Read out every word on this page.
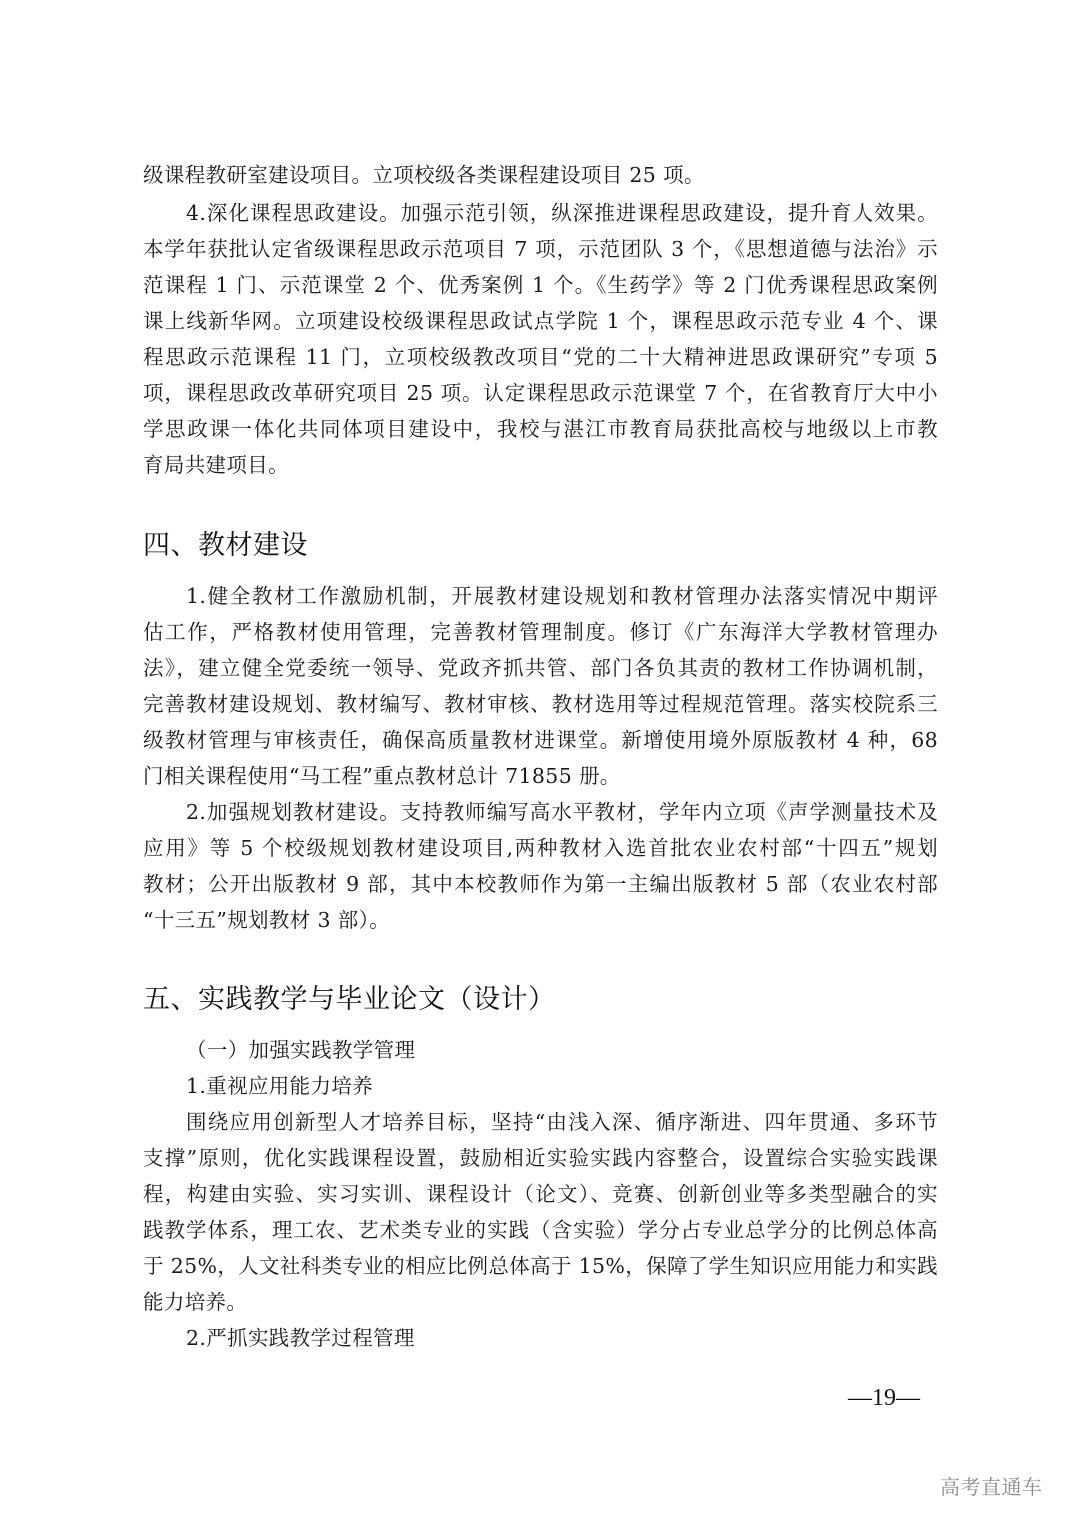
级课程教研室建设项目。立项校级各类课程建设项目 25 项。
4.深化课程思政建设。加强示范引领，纵深推进课程思政建设，提升育人效果。
本学年获批认定省级课程思政示范项目 7 项，示范团队 3 个，《思想道德与法治》示
范课程 1 门、示范课堂 2 个、优秀案例 1 个。《生药学》等 2 门优秀课程思政案例
课上线新华网。立项建设校级课程思政试点学院 1 个，课程思政示范专业 4 个、课
程思政示范课程 11 门，立项校级教改项目“党的二十大精神进思政课研究”专项 5
项，课程思政改革研究项目 25 项。认定课程思政示范课堂 7 个，在省教育厅大中小
学思政课一体化共同体项目建设中，我校与湛江市教育局获批高校与地级以上市教
育局共建项目。
四、教材建设
1.健全教材工作激励机制，开展教材建设规划和教材管理办法落实情况中期评
估工作，严格教材使用管理，完善教材管理制度。修订《广东海洋大学教材管理办
法》，建立健全党委统一领导、党政齐抓共管、部门各负其责的教材工作协调机制，
完善教材建设规划、教材编写、教材审核、教材选用等过程规范管理。落实校院系三
级教材管理与审核责任，确保高质量教材进课堂。新增使用境外原版教材 4 种，68
门相关课程使用“马工程”重点教材总计 71855 册。
2.加强规划教材建设。支持教师编写高水平教材，学年内立项《声学测量技术及
应用》等 5 个校级规划教材建设项目,两种教材入选首批农业农村部“十四五”规划
教材；公开出版教材 9 部，其中本校教师作为第一主编出版教材 5 部（农业农村部
“十三五”规划教材 3 部）。
五、实践教学与毕业论文（设计）
（一）加强实践教学管理
1.重视应用能力培养
围绕应用创新型人才培养目标，坚持“由浅入深、循序渐进、四年贯通、多环节
支撑”原则，优化实践课程设置，鼓励相近实验实践内容整合，设置综合实验实践课
程，构建由实验、实习实训、课程设计（论文）、竞赛、创新创业等多类型融合的实
践教学体系，理工农、艺术类专业的实践（含实验）学分占专业总学分的比例总体高
于 25%，人文社科类专业的相应比例总体高于 15%，保障了学生知识应用能力和实践
能力培养。
2.严抓实践教学过程管理
—19—
高考直通车
